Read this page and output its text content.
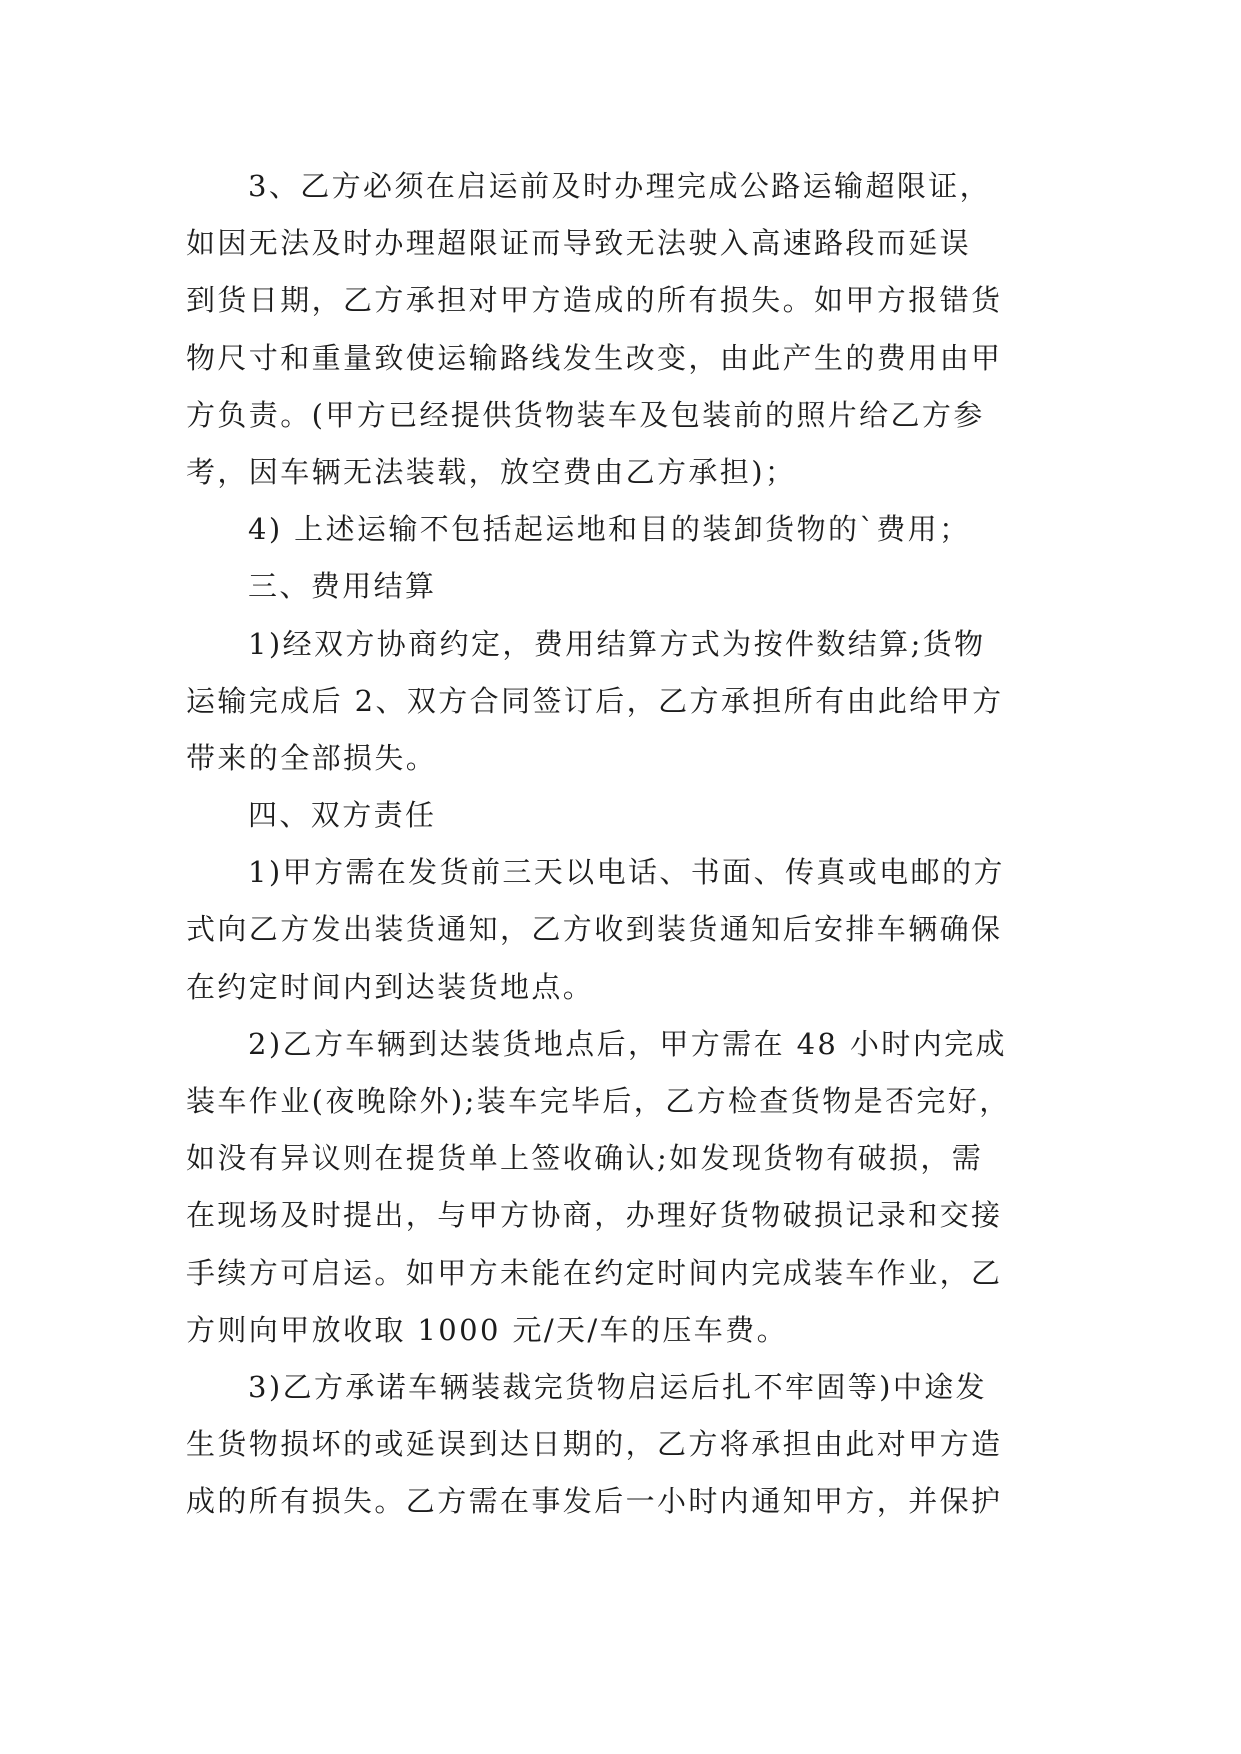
3、乙方必须在启运前及时办理完成公路运输超限证，
如因无法及时办理超限证而导致无法驶入高速路段而延误
到货日期，乙方承担对甲方造成的所有损失。如甲方报错货
物尺寸和重量致使运输路线发生改变，由此产生的费用由甲
方负责。(甲方已经提供货物装车及包装前的照片给乙方参
考，因车辆无法装载，放空费由乙方承担)；
4) 上述运输不包括起运地和目的装卸货物的`费用；
三、费用结算
1)经双方协商约定，费用结算方式为按件数结算;货物
运输完成后 2、双方合同签订后，乙方承担所有由此给甲方
带来的全部损失。
四、双方责任
1)甲方需在发货前三天以电话、书面、传真或电邮的方
式向乙方发出装货通知，乙方收到装货通知后安排车辆确保
在约定时间内到达装货地点。
2)乙方车辆到达装货地点后，甲方需在 48 小时内完成
装车作业(夜晚除外);装车完毕后，乙方检查货物是否完好，
如没有异议则在提货单上签收确认;如发现货物有破损，需
在现场及时提出，与甲方协商，办理好货物破损记录和交接
手续方可启运。如甲方未能在约定时间内完成装车作业，乙
方则向甲放收取 1000 元/天/车的压车费。
3)乙方承诺车辆装裁完货物启运后扎不牢固等)中途发
生货物损坏的或延误到达日期的，乙方将承担由此对甲方造
成的所有损失。乙方需在事发后一小时内通知甲方，并保护
